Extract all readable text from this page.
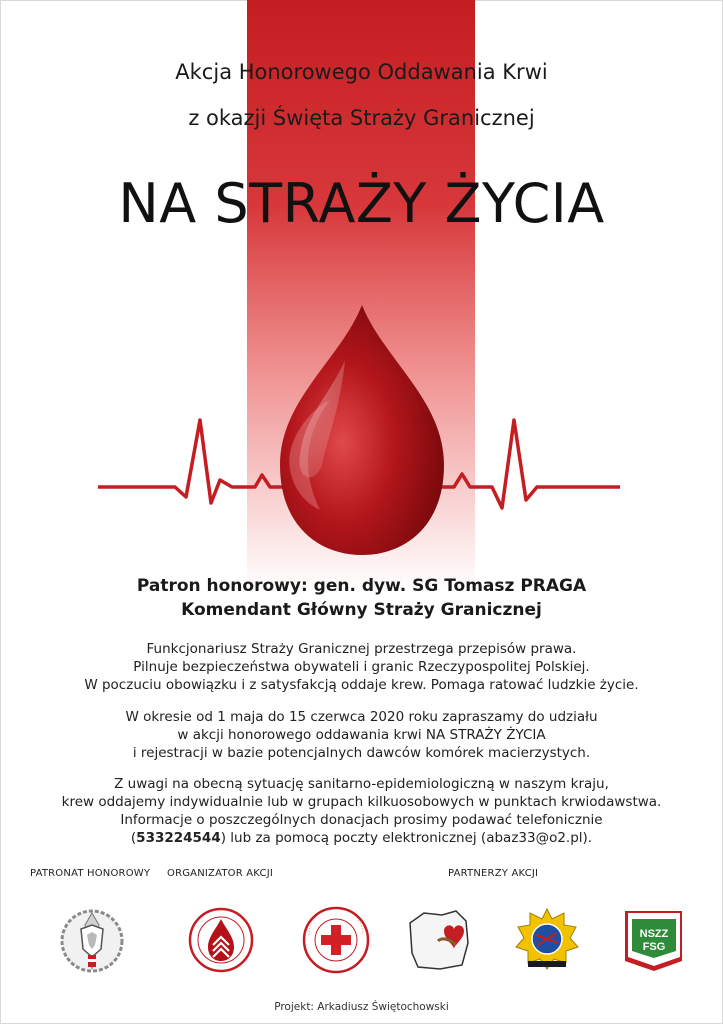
Akcja Honorowego Oddawania Krwi
z okazji Święta Straży Granicznej
NA STRAŻY ŻYCIA
Patron honorowy: gen. dyw. SG Tomasz PRAGA
Komendant Główny Straży Granicznej
Funkcjonariusz Straży Granicznej przestrzega przepisów prawa.
Pilnuje bezpieczeństwa obywateli i granic Rzeczypospolitej Polskiej.
W poczuciu obowiązku i z satysfakcją oddaje krew. Pomaga ratować ludzkie życie.
W okresie od 1 maja do 15 czerwca 2020 roku zapraszamy do udziału
w akcji honorowego oddawania krwi NA STRAŻY ŻYCIA
i rejestracji w bazie potencjalnych dawców komórek macierzystych.
Z uwagi na obecną sytuację sanitarno-epidemiologiczną w naszym kraju,
krew oddajemy indywidualnie lub w grupach kilkuosobowych w punktach krwiodawstwa.
Informacje o poszczególnych donacjach prosimy podawać telefonicznie
(533224544) lub za pomocą poczty elektronicznej (abaz33@o2.pl).
PATRONAT HONOROWY ORGANIZATOR AKCJI	PARTNERZY AKCJI
NSZZ
FSG
Projekt: Arkadiusz Świętochowski
